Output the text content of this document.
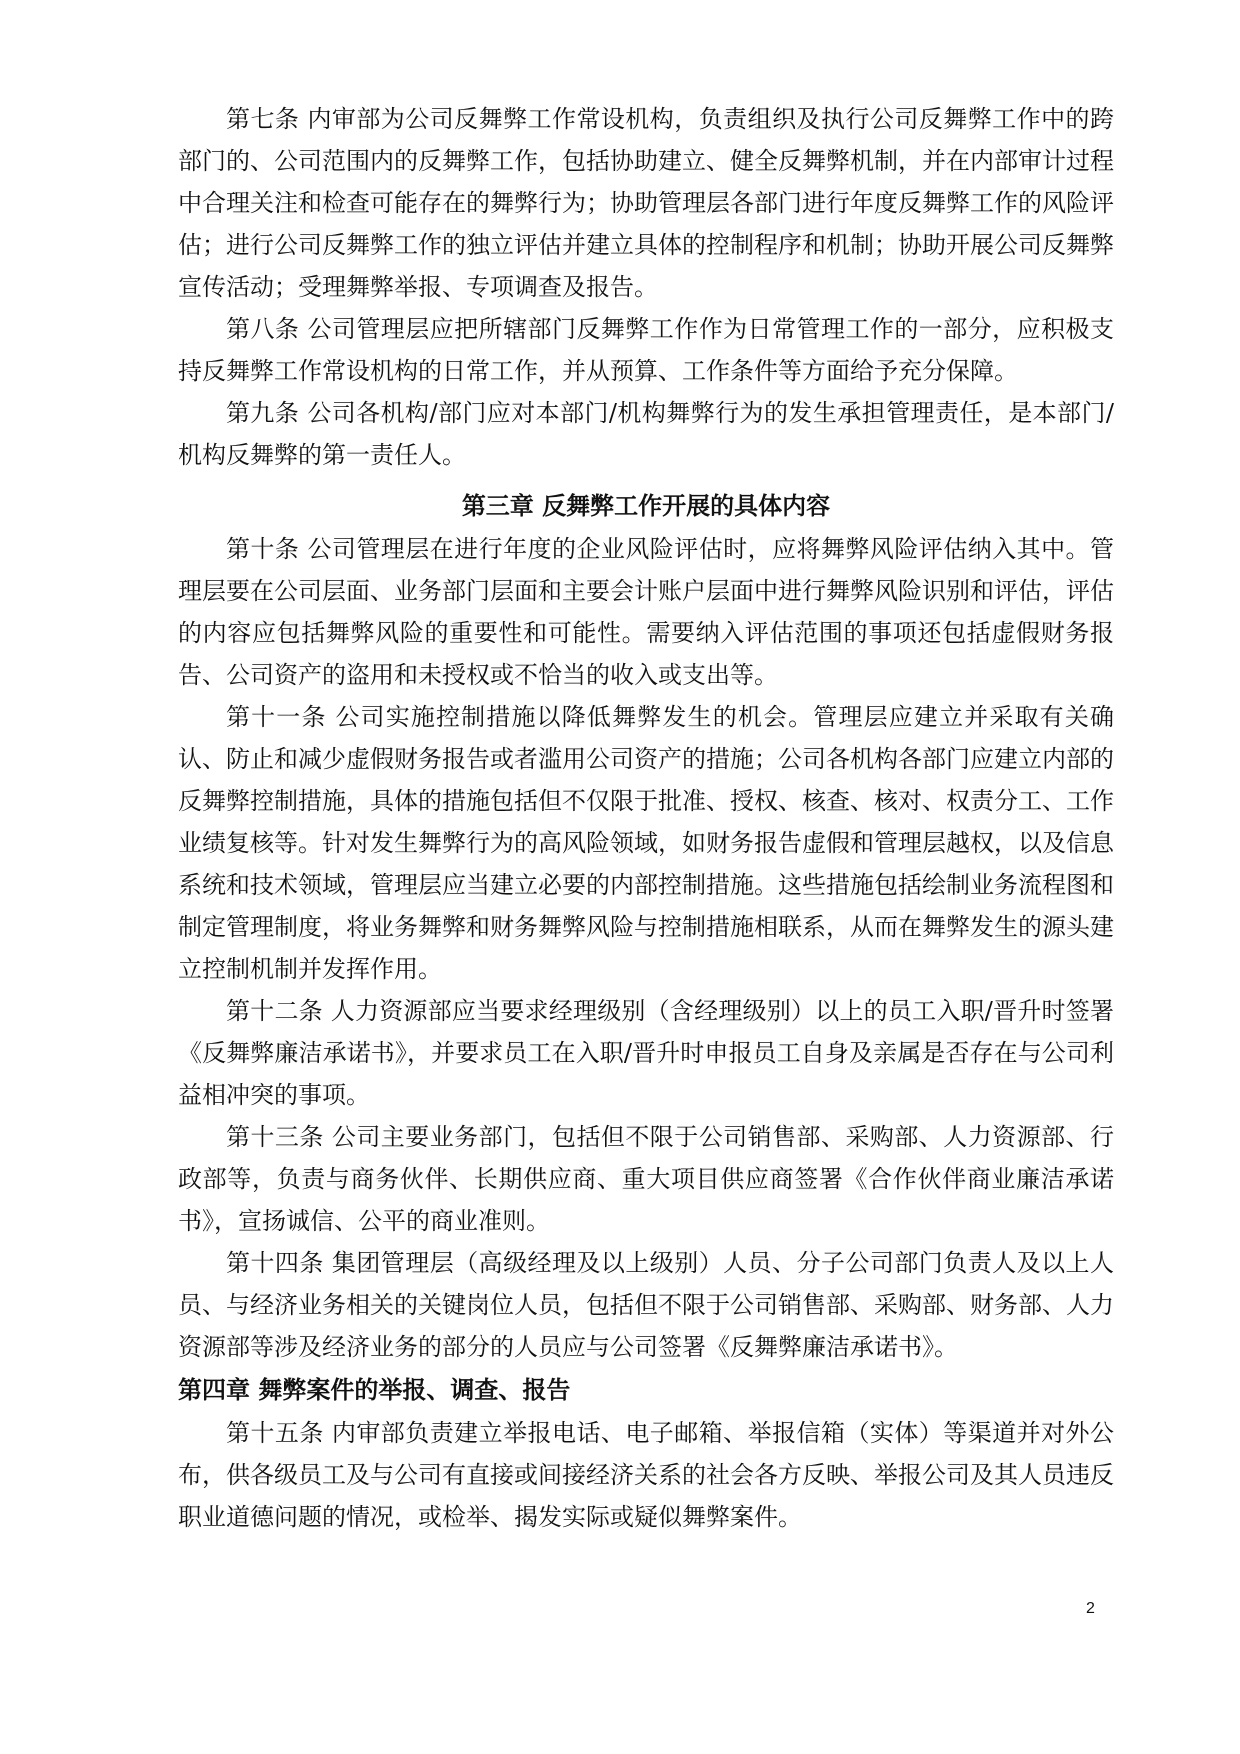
第七条 内审部为公司反舞弊工作常设机构，负责组织及执行公司反舞弊工作中的跨部门的、公司范围内的反舞弊工作，包括协助建立、健全反舞弊机制，并在内部审计过程中合理关注和检查可能存在的舞弊行为；协助管理层各部门进行年度反舞弊工作的风险评估；进行公司反舞弊工作的独立评估并建立具体的控制程序和机制；协助开展公司反舞弊宣传活动；受理舞弊举报、专项调查及报告。

第八条 公司管理层应把所辖部门反舞弊工作作为日常管理工作的一部分，应积极支持反舞弊工作常设机构的日常工作，并从预算、工作条件等方面给予充分保障。

第九条 公司各机构/部门应对本部门/机构舞弊行为的发生承担管理责任，是本部门/机构反舞弊的第一责任人。

第三章 反舞弊工作开展的具体内容

第十条 公司管理层在进行年度的企业风险评估时，应将舞弊风险评估纳入其中。管理层要在公司层面、业务部门层面和主要会计账户层面中进行舞弊风险识别和评估，评估的内容应包括舞弊风险的重要性和可能性。需要纳入评估范围的事项还包括虚假财务报告、公司资产的盗用和未授权或不恰当的收入或支出等。

第十一条 公司实施控制措施以降低舞弊发生的机会。管理层应建立并采取有关确认、防止和减少虚假财务报告或者滥用公司资产的措施；公司各机构各部门应建立内部的反舞弊控制措施，具体的措施包括但不仅限于批准、授权、核查、核对、权责分工、工作业绩复核等。针对发生舞弊行为的高风险领域，如财务报告虚假和管理层越权，以及信息系统和技术领域，管理层应当建立必要的内部控制措施。这些措施包括绘制业务流程图和制定管理制度，将业务舞弊和财务舞弊风险与控制措施相联系，从而在舞弊发生的源头建立控制机制并发挥作用。

第十二条 人力资源部应当要求经理级别（含经理级别）以上的员工入职/晋升时签署《反舞弊廉洁承诺书》，并要求员工在入职/晋升时申报员工自身及亲属是否存在与公司利益相冲突的事项。

第十三条 公司主要业务部门，包括但不限于公司销售部、采购部、人力资源部、行政部等，负责与商务伙伴、长期供应商、重大项目供应商签署《合作伙伴商业廉洁承诺书》，宣扬诚信、公平的商业准则。

第十四条 集团管理层（高级经理及以上级别）人员、分子公司部门负责人及以上人员、与经济业务相关的关键岗位人员，包括但不限于公司销售部、采购部、财务部、人力资源部等涉及经济业务的部分的人员应与公司签署《反舞弊廉洁承诺书》。

第四章 舞弊案件的举报、调查、报告

第十五条 内审部负责建立举报电话、电子邮箱、举报信箱（实体）等渠道并对外公布，供各级员工及与公司有直接或间接经济关系的社会各方反映、举报公司及其人员违反职业道德问题的情况，或检举、揭发实际或疑似舞弊案件。

2
